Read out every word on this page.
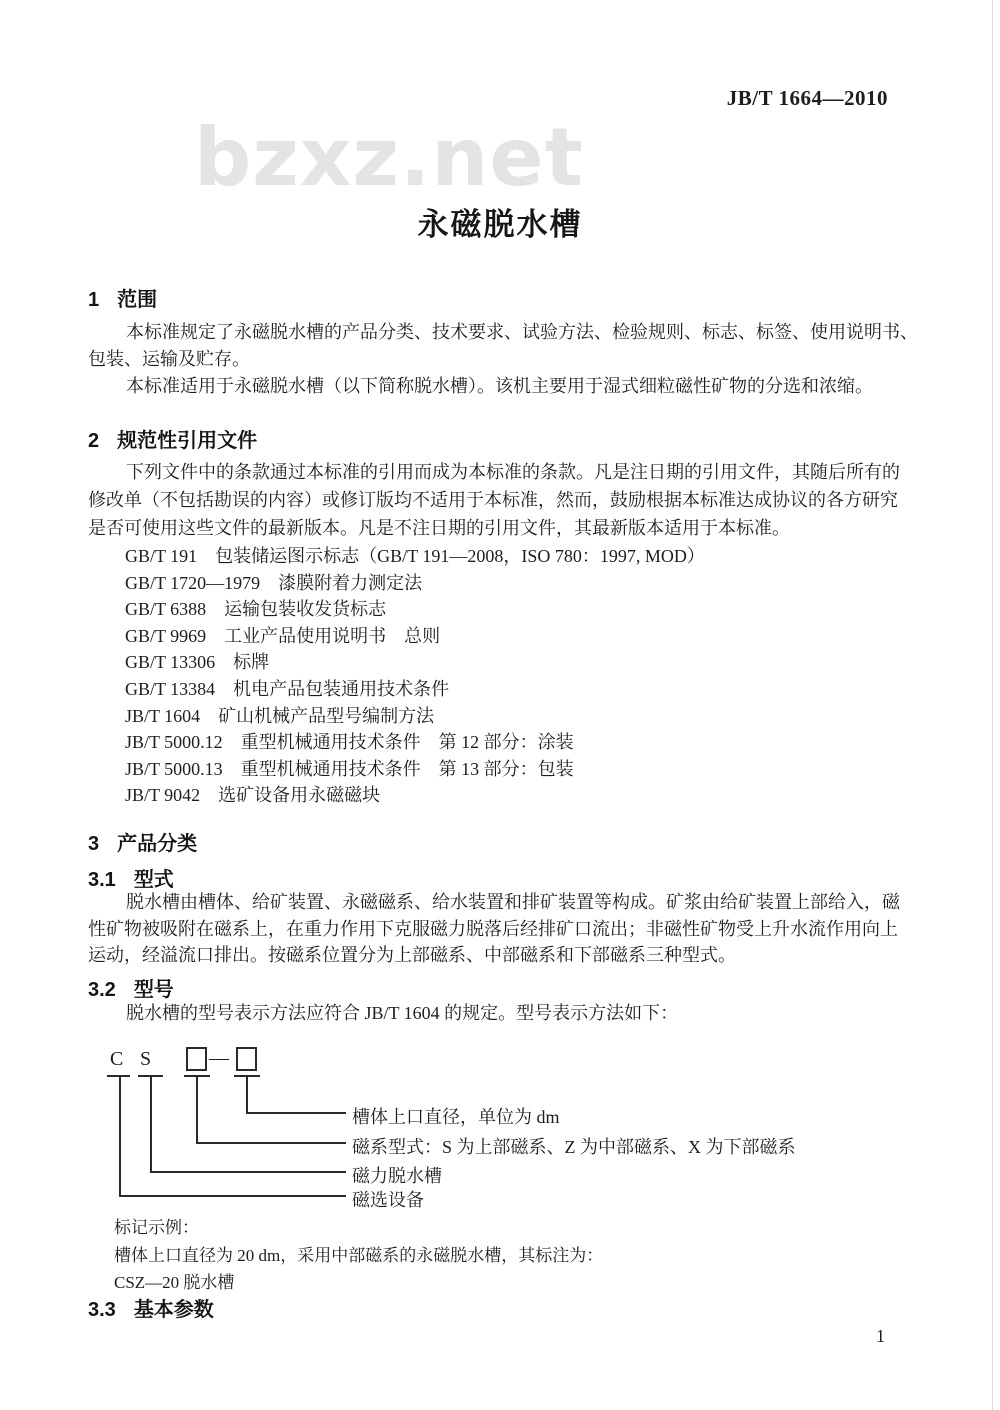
JB/T 1664—2010
bzxz.net
永磁脱水槽
1 范围
本标准规定了永磁脱水槽的产品分类、技术要求、试验方法、检验规则、标志、标签、使用说明书、
包装、运输及贮存。
本标准适用于永磁脱水槽（以下简称脱水槽）。该机主要用于湿式细粒磁性矿物的分选和浓缩。
2 规范性引用文件
下列文件中的条款通过本标准的引用而成为本标准的条款。凡是注日期的引用文件，其随后所有的
修改单（不包括勘误的内容）或修订版均不适用于本标准，然而，鼓励根据本标准达成协议的各方研究
是否可使用这些文件的最新版本。凡是不注日期的引用文件，其最新版本适用于本标准。
GB/T 191　包装储运图示标志（GB/T 191—2008，ISO 780：1997, MOD）
GB/T 1720—1979　漆膜附着力测定法
GB/T 6388　运输包装收发货标志
GB/T 9969　工业产品使用说明书　总则
GB/T 13306　标牌
GB/T 13384　机电产品包装通用技术条件
JB/T 1604　矿山机械产品型号编制方法
JB/T 5000.12　重型机械通用技术条件　第 12 部分：涂装
JB/T 5000.13　重型机械通用技术条件　第 13 部分：包装
JB/T 9042　选矿设备用永磁磁块
3 产品分类
3.1 型式
脱水槽由槽体、给矿装置、永磁磁系、给水装置和排矿装置等构成。矿浆由给矿装置上部给入，磁
性矿物被吸附在磁系上，在重力作用下克服磁力脱落后经排矿口流出；非磁性矿物受上升水流作用向上
运动，经溢流口排出。按磁系位置分为上部磁系、中部磁系和下部磁系三种型式。
3.2 型号
脱水槽的型号表示方法应符合 JB/T 1604 的规定。型号表示方法如下：
C S	—
槽体上口直径，单位为 dm
磁系型式：S 为上部磁系、Z 为中部磁系、X 为下部磁系
磁力脱水槽
磁选设备
标记示例：
槽体上口直径为 20 dm，采用中部磁系的永磁脱水槽，其标注为：
CSZ—20 脱水槽
3.3 基本参数
1
